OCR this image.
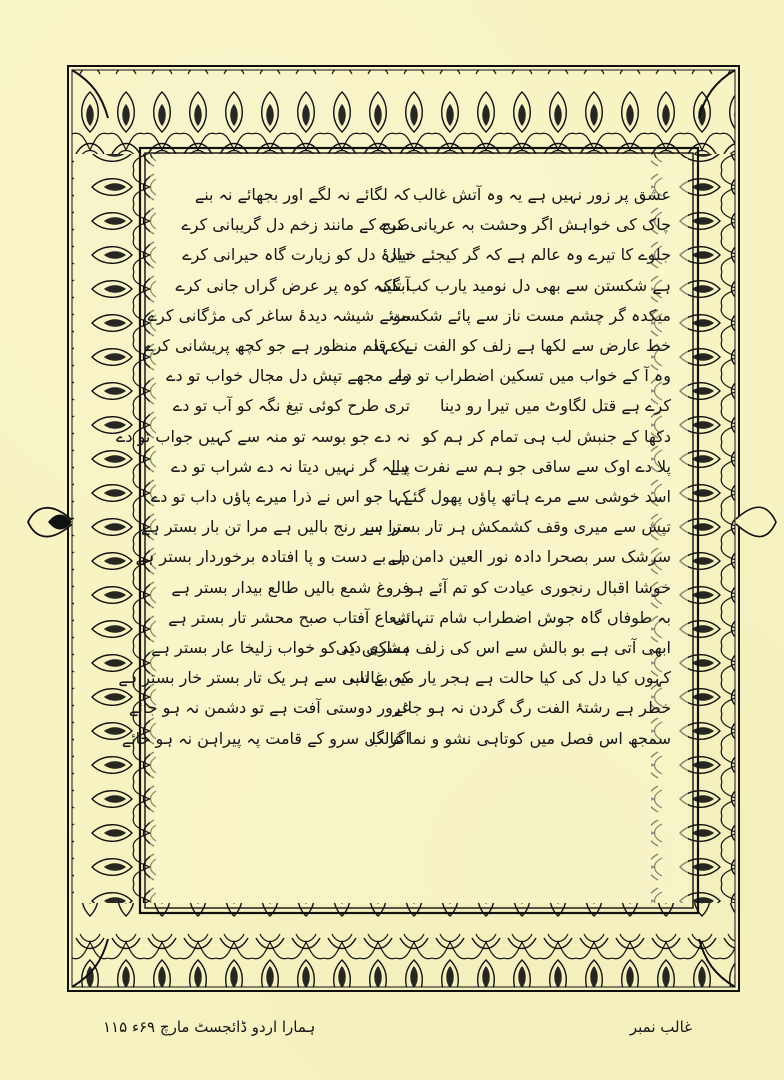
عشق پر زور نہیں ہے یہ وہ آتش غالب
چاک کی خواہش اگر وحشت بہ عریانی کرے
جلوے کا تیرے وہ عالم ہے کہ گر کیجئے خیال
ہے شکستن سے بھی دل نومید یارب کب تلک
میکدہ گر چشم مست ناز سے پائے شکست
خط عارض سے لکھا ہے زلف کو الفت نے عہد
وہ آ کے خواب میں تسکین اضطراب تو دے
کرے ہے قتل لگاوٹ میں تیرا رو دینا
دکھا کے جنبش لب ہی تمام کر ہم کو
پلا دے اوک سے ساقی جو ہم سے نفرت ہے
اسد خوشی سے مرے ہاتھ پاؤں پھول گئے
تپش سے میری وقف کشمکش ہر تار بستر ہے
سرشک سر بصحرا دادہ نور العین دامن ہے
خوشا اقبال رنجوری عیادت کو تم آئے ہو
بہ طوفاں گاہ جوش اضطراب شام تنہائی
ابھی آتی ہے بو بالش سے اس کی زلف مشکیں کی
کہوں کیا دل کی کیا حالت ہے ہجر یار میں غالب
خطر ہے رشتۂ الفت رگ گردن نہ ہو جائے
سمجھ اس فصل میں کوتاہی نشو و نما غالب
کہ لگائے نہ لگے اور بجھائے نہ بنے
صبح کے مانند زخم دل گریبانی کرے
دیدۂ دل کو زیارت گاہ حیرانی کرے
آبگینہ کوہ پر عرض گراں جانی کرے
موئے شیشہ دیدۂ ساغر کی مژگانی کرے
یک قلم منظور ہے جو کچھ پریشانی کرے
ولے مجھے تپش دل مجال خواب تو دے
تری طرح کوئی تیغ نگہ کو آب تو دے
نہ دے جو بوسہ تو منہ سے کہیں جواب تو دے
پیالہ گر نہیں دیتا نہ دے شراب تو دے
کہا جو اس نے ذرا میرے پاؤں داب تو دے
مرا سر رنج بالیں ہے مرا تن بار بستر ہے
دل بے دست و پا افتادہ برخوردار بستر ہے
فروغ شمع بالیں طالع بیدار بستر ہے
شعاع آفتاب صبح محشر تار بستر ہے
ہماری دید کو خواب زلیخا عار بستر ہے
کہ بے تابی سے ہر یک تار بستر خار بستر ہے
غرور دوستی آفت ہے تو دشمن نہ ہو جائے
اگر گل سرو کے قامت پہ پیراہن نہ ہو جائے
ہمارا اردو ڈائجسٹ مارچ ۶۹ء ۱۱۵	غالب نمبر
